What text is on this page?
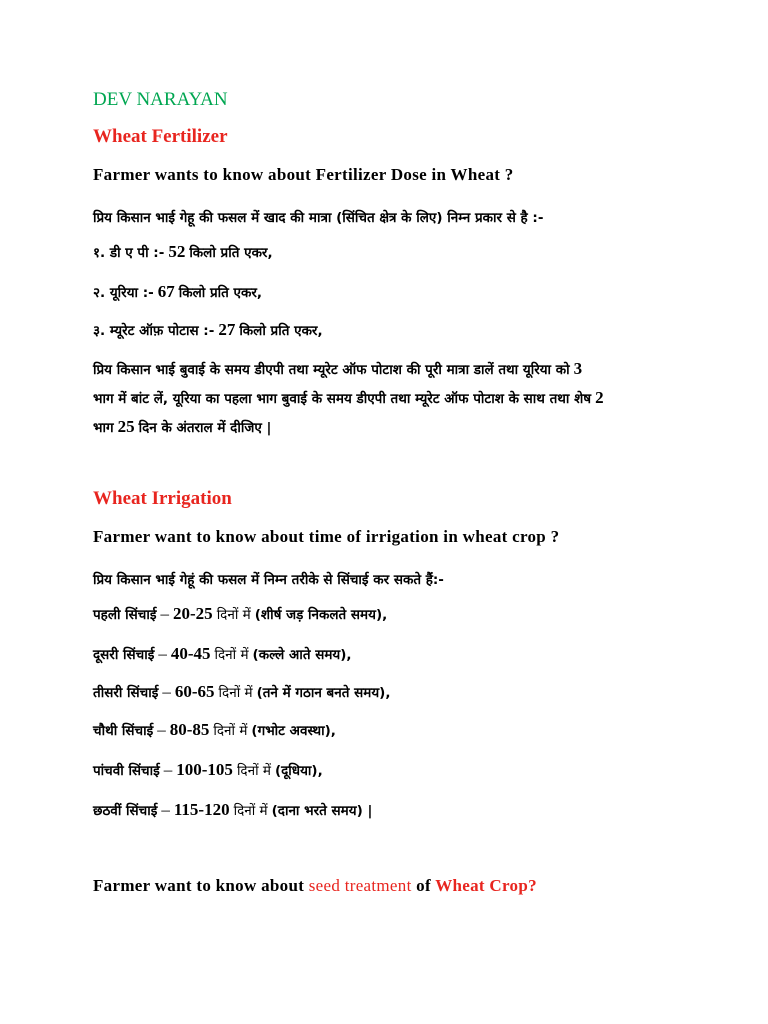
DEV NARAYAN
Wheat Fertilizer
Farmer wants to know about Fertilizer Dose in Wheat ?
प्रिय किसान भाई गेहू की फसल में खाद की मात्रा (सिंचित क्षेत्र के लिए) निम्न प्रकार से है :-
१. डी ए पी :- 52 किलो प्रति एकर,
२. यूरिया :- 67 किलो प्रति एकर,
३. म्यूरेट ऑफ़ पोटास :- 27 किलो प्रति एकर,
प्रिय किसान भाई बुवाई के समय डीएपी तथा म्यूरेट ऑफ पोटाश की पूरी मात्रा डालें तथा यूरिया को 3
भाग में बांट लें, यूरिया का पहला भाग बुवाई के समय डीएपी तथा म्यूरेट ऑफ पोटाश के साथ तथा शेष 2
भाग 25 दिन के अंतराल में दीजिए |
Wheat Irrigation
Farmer want to know about time of irrigation in wheat crop ?
प्रिय किसान भाई गेहूं की फसल में निम्न तरीके से सिंचाई कर सकते हैं:-
पहली सिंचाई – 20-25 दिनों में (शीर्ष जड़ निकलते समय),
दूसरी सिंचाई – 40-45 दिनों में (कल्ले आते समय),
तीसरी सिंचाई – 60-65 दिनों में (तने में गठान बनते समय),
चौथी सिंचाई – 80-85 दिनों में (गभोट अवस्था),
पांचवी सिंचाई – 100-105 दिनों में (दूधिया),
छठवीं सिंचाई – 115-120 दिनों में (दाना भरते समय) |
Farmer want to know about seed treatment of Wheat Crop?
